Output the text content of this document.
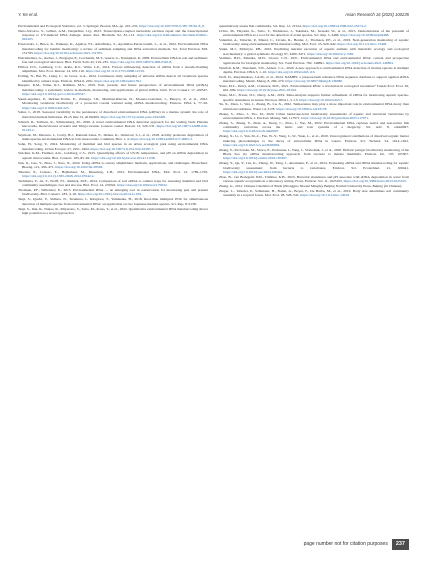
Y. Ke et al.	Asian Research 16 (2025) 100235

Environmental and Ecological Statistics, vol. 3. Springer, Boston, MA, pp. 201–235. https://doi.org/10.1007/978-0-387-78161-8_8.

Nieto-Navarro, S., Gilbert, A.M., Desjardins, J.Q., 2023. Transcription-coupled nucleotide excision repair and the transcriptional response to UV-induced DNA damage. Annu. Rev. Biochem. 92, 81–113. https://doi.org/10.1146/annurev-biochem-052621-091205.

Pawlowski, J., Bruce, K., Panksep, K., Aguirre, F.I., Amalfitano, S., Apothéloz-Perret-Gentil, L., et al., 2022. Environmental DNA metabarcoding for benthic monitoring: a review of sediment sampling and DNA extraction methods. Sci. Total Environ. 818, 151783. https://doi.org/10.1016/j.scitotenv.2021.151783.

Pietramellara, G., Ascher, J., Borgogni, F., Ceccherini, M.T., Guerri, G., Nannipieri, P., 2009. Extracellular DNA in soil and sediment: fate and ecological relevance. Biol. Fertil. Soils 45, 219–235. https://doi.org/10.1007/s00374-008-0345-8.

Pilliod, D.S., Goldberg, C.S., Arkle, R.S., Waits, L.P., 2014. Factors influencing detection of eDNA from a stream-dwelling amphibian. Mol. Ecol. Resour. 14, 109–116. https://doi.org/10.1111/1755-0998.12159.

Polling, N., Bai, B., Liang, L., de Groot, G.A., 2024. Continuous daily sampling of airborne eDNA detects all vertebrate species identified by camera traps. Environ. DNA 6, e591. https://doi.org/10.1002/edn3.591.

Ruppert, K.M., Kline, R.J., Rahman, M.S., 2019. Past, present, and future perspectives of environmental DNA (eDNA) metabarcoding: a systematic review in methods, monitoring, and applications of global eDNA. Glob. Ecol. Conserv. 17, e00547. https://doi.org/10.1016/j.gecco.2019.e00547.

Sáenz-Aguilera, P., Delrieu-Trottin, E., Zuluaga, J.D., Martínez-Rincón, D., Moreno-González, I., Pineyro, P., et al., 2022. Monitoring vertebrate biodiversity of a protected coastal wetland using eDNA metabarcoding. Environ. DNA 4, 77–92. https://doi.org/10.1002/edn3.225.

Salter, I., 2018. Seasonal variability in the persistence of dissolved environmental DNA (eDNA) in a marine system: the role of microbial nutrient limitation. PLoS One 13, e0192409. https://doi.org/10.1371/journal.pone.0192409.

Schnell, R., Tollison, R., Schmeisberg, M., 2020. A novel environmental DNA detection approach for the wading birds Platalea leucorodia, Recurvirostra avosetta and Tringa totanus. Conserv. Genet. Resour. 12, 529–531. https://doi.org/10.1007/s12686-020-01143-x.

Seymour, M., Durance, I., Cosby, B.J., Ransom-Jones, E., Deiner, K., Ormerod, S.J., et al., 2018. Acidity promotes degradation of multi-species environmental DNA in lotic mesocosms. Commun. Biol. 1, 4. https://doi.org/10.1038/s42003-017-0005-3.

Sohn, H., Song, Y., 2024. Monitoring of mammal and bird species in an urban ecological park using environmental DNA metabarcoding. Urban Ecosyst. 27, 1951–1964. https://doi.org/10.1007/s11252-024-01587-7.

Strickler, K.M., Fremier, A.K., Goldberg, C.S., 2015. Quantifying effects of UV-B, temperature, and pH on eDNA degradation in aquatic microcosms. Biol. Conserv. 183, 85–92. https://doi.org/10.1016/j.biocon.2014.11.038.

Sun, X., Gao, Y., Zhao, J., Xiao, N., 2024. Using eDNA to survey amphibians: methods, applications, and challenges. Biotechnol. Bioeng. 121, 456–471. https://doi.org/10.1002/bit.28592.

Taberlet, P., Coissac, E., Hajibabaei, M., Rieseberg, L.H., 2012. Environmental DNA. Mol. Ecol. 21, 1789–1793. https://doi.org/10.1111/j.1365-294X.2012.05542.x.

Tachibana, Y., Ai, T., Wolff, F.J., Ramick, M.E., 2024. Comparison of soil eDNA to camera traps for assessing mammal and bird community assemblages over and site use. Biol. Evol. 14, e70022. https://doi.org/10.1002/ece3.70022.

Thomsen, P.F., Willerslev, E., 2015. Environmental DNA — an emerging tool in conservation for monitoring past and present biodiversity. Biol. Conserv. 183, 4–18. https://doi.org/10.1016/j.biocon.2014.11.019.

Tsuji, S., Iguchi, Y., Shibata, N., Teramura, I., Kitagawa, T., Yamanaka, H., 2018. Real-time multiplex PCR for simultaneous detection of multiple species from environmental DNA: an application on two Japanese medaka species. Sci. Rep. 8, 9138.

Tsuji, S., Inui, R., Nakao, R., Miyazono, S., Saito, M., Kono, T., et al., 2022. Quantitative environmental DNA metabarcoding shows high potential as a novel approach to

quantitatively assess fish community. Sci. Rep. 12, 21524. https://doi.org/10.1038/s41598-022-25274-2.

Uchio, M., Hayashi, K., Saito, T., Nishizawa, I., Takahara, M., Iwasaki, W., et al., 2015. Demonstration of the potential of environmental DNA as a tool for the detection of avian species. Sci. Rep. 5, 4468. https://doi.org/10.1038/srep04468.

Valentini, A., Taberlet, P., Miaud, C., Civade, R., Herder, J., Thomsen, P.F., et al., 2016. Next-generation monitoring of aquatic biodiversity using environmental DNA metabarcoding. Mol. Ecol. 25, 929–942. https://doi.org/10.1111/mec.13428.

Vanni, M.J., McIntyre, P.B., 2016. Predicting nutrient excretion of aquatic animals with metabolic ecology and ecological stoichiometry: a global synthesis. Ecology 97, 3460–3471. https://doi.org/10.1002/ecy.1582.

Veilleux, H.D., Misutka, M.D., Glover, C.N., 2021. Environmental DNA and environmental RNA: current and prospective applications for biological monitoring. Sci. Total Environ. 782, 146891. https://doi.org/10.1016/j.scitotenv.2021.146891.

Westfall, K.M., Therriault, T.W., Abbott, C.L., 2020. A new approach to environmental DNA detection of marine species at multiple depths. Environ. DNA 3, 1–10. https://doi.org/10.1002/edn3.116.

Wolf, D., Raeymaekers, J.A.M., et al., 2024. NAMBS: a purpose-built reference DNA sequence database to support applied eDNA metabarcoding. Metab. Metag. 8, 269–279. https://doi.org/10.3897/mbmg.8.136586.

Yates, M.C., Derry, A.M., Cristescu, M.E., 2021. Environmental RNA: a revolution in ecological resolution? Trends Ecol. Evol. 36, 601–609. https://doi.org/10.1016/j.tree.2021.03.001.

Yates, M.C., Fraser, D.J., Derry, A.M., 2019. Meta-analysis supports further refinement of eDNA for monitoring aquatic species-specific abundance in nature. Environ. DNA 1, 5–13. https://doi.org/10.1002/edn3.7.

Yu, X., Zhou, J., Wei, J., Zhang, B., Lu, X., 2022. Temperature may play a more important role in environmental DNA decay than ultraviolet radiation. Water 14, 3178. https://doi.org/10.3390/w14193178.

Zhang, S., Zhao, J., Yao, M., 2020. Urban landscape-level biodiversity assessments of aquatic and terrestrial vertebrates by environmental DNA. J. Environ. Manag. 340, 117971. https://doi.org/10.1016/j.jenvman.2023.117971.

Zhang, S., Zheng, Y., Zhan, A., Dong, C., Zhao, J., Yao, M., 2022. Environmental DNA captures native and non-native fish community variations across the lentic and lotic systems of a megacity. Sci. Adv. 8, eabk0097. https://doi.org/10.1126/sciadv.abk0097.

Zhang, X., Li, J., Yan, M.-C., Fan, W.-Y., Yang, C.-W., Yuan, L., et al., 2020. Unrecognized contributions of dissolved organic matter inducing photodamages to the decay of extracellular DNA in waters. Environ. Sci. Technol. 54, 1614–1622. https://doi.org/10.1021/acs.est.9b06029.

Zhang, Y., Pavlovska, M., Stoica, E., Prekrasna, I., Yang, J., Slobodnik, J., et al., 2020. Holistic pelagic biodiversity monitoring of the Black Sea via eDNA metabarcoding approach: from bacteria to marine mammals. Environ. Int. 135, 105307. https://doi.org/10.1016/j.envint.2019.105307.

Zhang, Y., Qu, Y., Liu, K., Zheng, W., Yang, J., Abermann, F., et al., 2024. Evaluating eDNA and iDNA metabarcoding for aquatic biodiversity assessment: from bacteria to vertebrates. Environ. Sci. Ecotechnol. 21, 100441. https://doi.org/10.1016/j.ese.2024.100441.

Zhao, B., van Bodegom, P.M., Trimbos, K.B., 2023. Bacterial abundance and pH associate with eDNA degradation in water from various aquatic ecosystems in a laboratory setting. Front. Environ. Sci. 11, 1025105. https://doi.org/10.3389/fenvs.2023.1025105.

Zheng, G., 2012. Chinese Checklist of Birds (Zhongguo Niaolei Minglu). Beijing Normal University Press, Beijing (in Chinese).

Zinger, L., Taberlet, P., Schimann, H., Bonin, A., Boyer, F., De Barba, M., et al., 2019. Body size determines soil community assembly in a tropical forest. Mol. Ecol. 28, 528–543. https://doi.org/10.1111/mec.14919.

page number not for citation purposes	237
